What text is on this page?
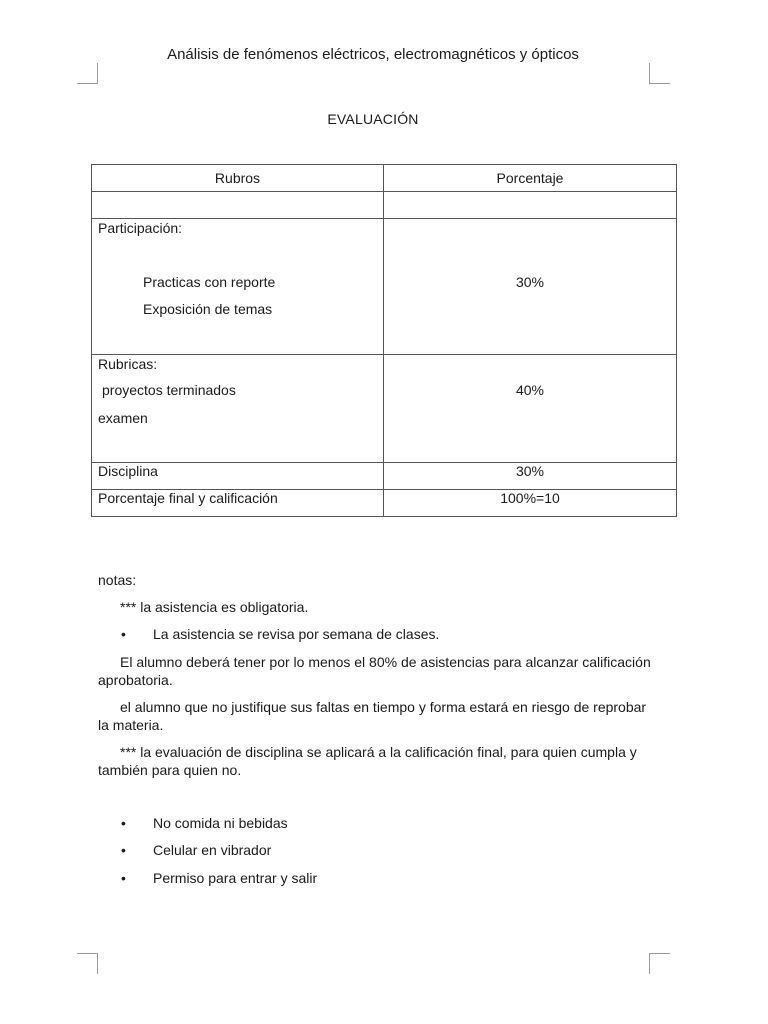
Análisis de fenómenos eléctricos, electromagnéticos y ópticos
EVALUACIÓN
Rubros	Porcentaje

Participación:
Practicas con reporte
Exposición de temas	30%

Rubricas:
proyectos terminados
examen	40%

Disciplina	30%
Porcentaje final y calificación	100%=10
notas:
*** la asistencia es obligatoria.
• La asistencia se revisa por semana de clases.
El alumno deberá tener por lo menos el 80% de asistencias para alcanzar calificación aprobatoria.
el alumno que no justifique sus faltas en tiempo y forma estará en riesgo de reprobar la materia.
*** la evaluación de disciplina se aplicará a la calificación final, para quien cumpla y también para quien no.
• No comida ni bebidas
• Celular en vibrador
• Permiso para entrar y salir
